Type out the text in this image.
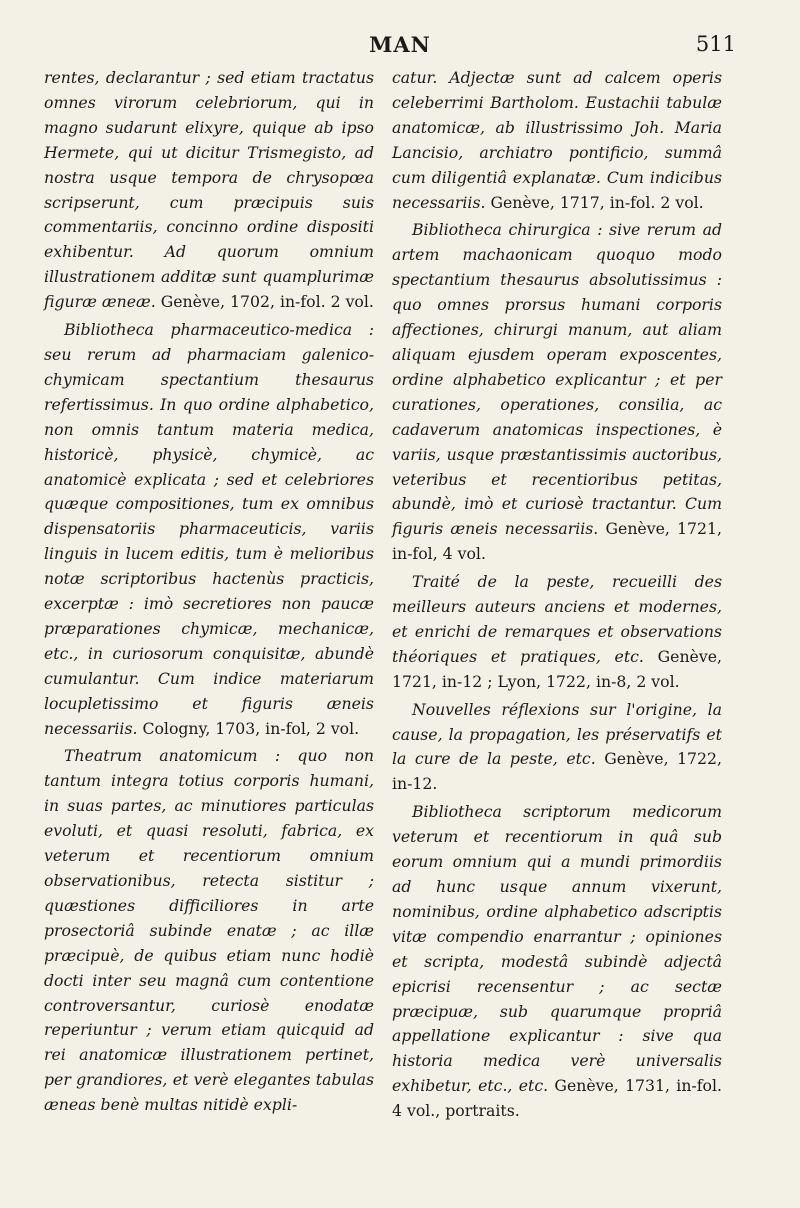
MAN	511

rentes, declarantur ; sed etiam tractatus omnes virorum celebriorum, qui in magno sudarunt elixyre, quique ab ipso Hermete, qui ut dicitur Trismegisto, ad nostra usque tempora de chrysopœa scripserunt, cum præcipuis suis commentariis, concinno ordine dispositi exhibentur. Ad quorum omnium illustrationem additæ sunt quamplurimæ figuræ æneæ. Genève, 1702, in-fol. 2 vol.

Bibliotheca pharmaceutico-medica : seu rerum ad pharmaciam galenico-chymicam spectantium thesaurus refertissimus. In quo ordine alphabetico, non omnis tantum materia medica, historicè, physicè, chymicè, ac anatomicè explicata ; sed et celebriores quæque compositiones, tum ex omnibus dispensatoriis pharmaceuticis, variis linguis in lucem editis, tum è melioribus notæ scriptoribus hactenùs practicis, excerptæ : imò secretiores non paucæ præparationes chymicæ, mechanicæ, etc., in curiosorum conquisitæ, abundè cumulantur. Cum indice materiarum locupletissimo et figuris æneis necessariis. Cologny, 1703, in-fol, 2 vol.

Theatrum anatomicum : quo non tantum integra totius corporis humani, in suas partes, ac minutiores particulas evoluti, et quasi resoluti, fabrica, ex veterum et recentiorum omnium observationibus, retecta sistitur ; quæstiones difficiliores in arte prosectoriâ subinde enatæ ; ac illæ præcipuè, de quibus etiam nunc hodiè docti inter seu magnâ cum contentione controversantur, curiosè enodatæ reperiuntur ; verum etiam quicquid ad rei anatomicæ illustrationem pertinet, per grandiores, et verè elegantes tabulas æneas benè multas nitidè expli-

catur. Adjectæ sunt ad calcem operis celeberrimi Bartholom. Eustachii tabulæ anatomicæ, ab illustrissimo Joh. Maria Lancisio, archiatro pontificio, summâ cum diligentiâ explanatæ. Cum indicibus necessariis. Genève, 1717, in-fol. 2 vol.

Bibliotheca chirurgica : sive rerum ad artem machaonicam quoquo modo spectantium thesaurus absolutissimus : quo omnes prorsus humani corporis affectiones, chirurgi manum, aut aliam aliquam ejusdem operam exposcentes, ordine alphabetico explicantur ; et per curationes, operationes, consilia, ac cadaverum anatomicas inspectiones, è variis, usque præstantissimis auctoribus, veteribus et recentioribus petitas, abundè, imò et curiosè tractantur. Cum figuris æneis necessariis. Genève, 1721, in-fol, 4 vol.

Traité de la peste, recueilli des meilleurs auteurs anciens et modernes, et enrichi de remarques et observations théoriques et pratiques, etc. Genève, 1721, in-12 ; Lyon, 1722, in-8, 2 vol.

Nouvelles réflexions sur l'origine, la cause, la propagation, les préservatifs et la cure de la peste, etc. Genève, 1722, in-12.

Bibliotheca scriptorum medicorum veterum et recentiorum in quâ sub eorum omnium qui a mundi primordiis ad hunc usque annum vixerunt, nominibus, ordine alphabetico adscriptis vitæ compendio enarrantur ; opiniones et scripta, modestâ subindè adjectâ epicrisi recensentur ; ac sectæ præcipuæ, sub quarumque propriâ appellatione explicantur : sive qua historia medica verè universalis exhibetur, etc., etc. Genève, 1731, in-fol. 4 vol., portraits.
